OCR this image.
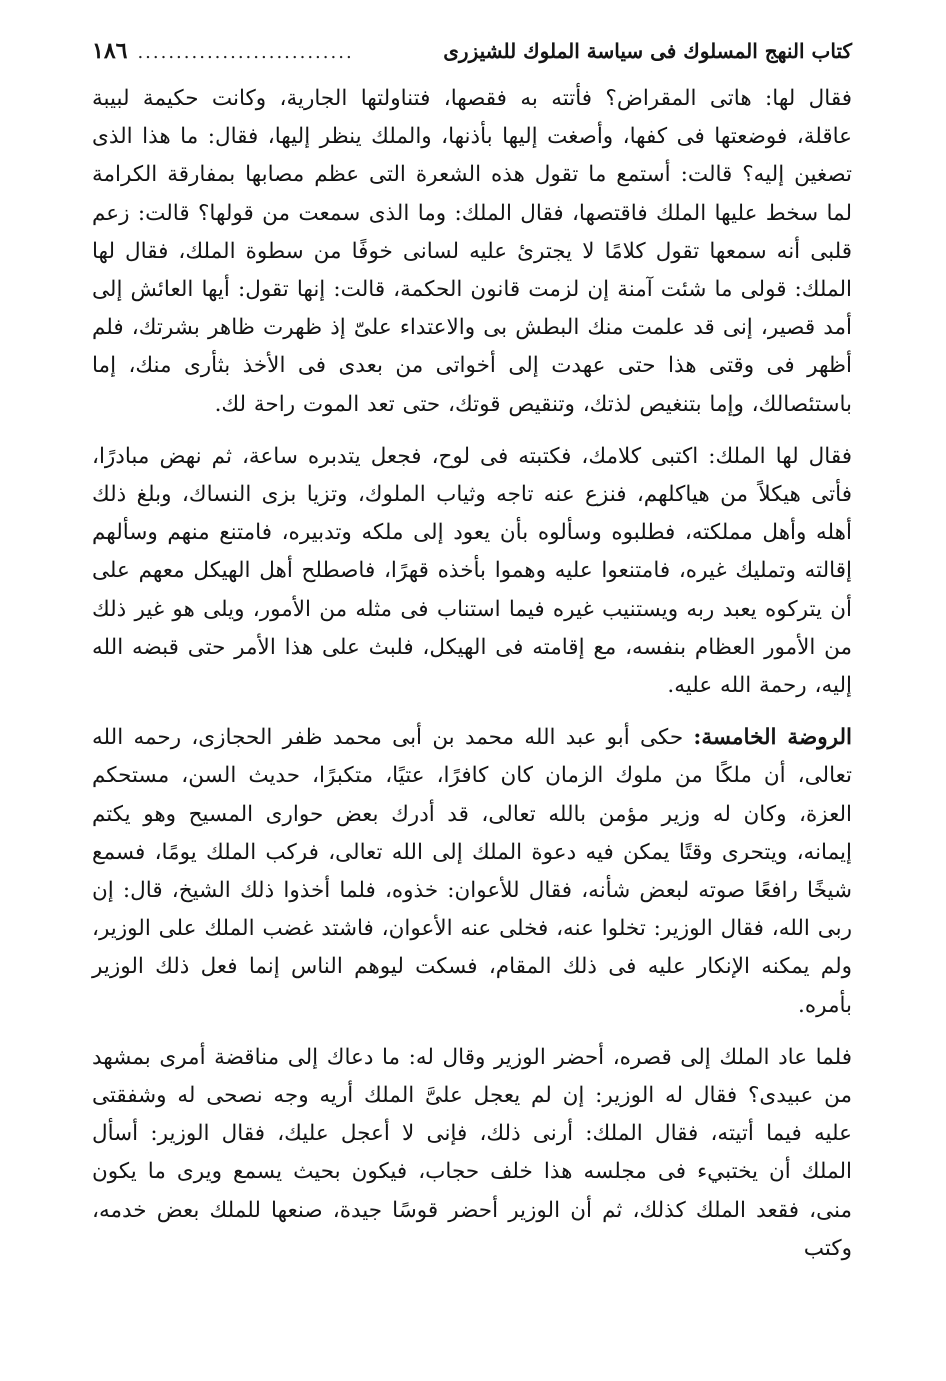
كتاب النهج المسلوك فى سياسة الملوك للشيزرى
............................
١٨٦

فقال لها: هاتى المقراض؟ فأتته به فقصها، فتناولتها الجارية، وكانت حكيمة لبيبة عاقلة، فوضعتها فى كفها، وأصغت إليها بأذنها، والملك ينظر إليها، فقال: ما هذا الذى تصغين إليه؟ قالت: أستمع ما تقول هذه الشعرة التى عظم مصابها بمفارقة الكرامة لما سخط عليها الملك فاقتصها، فقال الملك: وما الذى سمعت من قولها؟ قالت: زعم قلبى أنه سمعها تقول كلامًا لا يجترئ عليه لسانى خوفًا من سطوة الملك، فقال لها الملك: قولى ما شئت آمنة إن لزمت قانون الحكمة، قالت: إنها تقول: أيها العائش إلى أمد قصير، إنى قد علمت منك البطش بى والاعتداء علىّ إذ ظهرت ظاهر بشرتك، فلم أظهر فى وقتى هذا حتى عهدت إلى أخواتى من بعدى فى الأخذ بثأرى منك، إما باستئصالك، وإما بتنغيص لذتك، وتنقيص قوتك، حتى تعد الموت راحة لك.

فقال لها الملك: اكتبى كلامك، فكتبته فى لوح، فجعل يتدبره ساعة، ثم نهض مبادرًا، فأتى هيكلاً من هياكلهم، فنزع عنه تاجه وثياب الملوك، وتزيا بزى النساك، وبلغ ذلك أهله وأهل مملكته، فطلبوه وسألوه بأن يعود إلى ملكه وتدبيره، فامتنع منهم وسألهم إقالته وتمليك غيره، فامتنعوا عليه وهموا بأخذه قهرًا، فاصطلح أهل الهيكل معهم على أن يتركوه يعبد ربه ويستنيب غيره فيما استناب فى مثله من الأمور، ويلى هو غير ذلك من الأمور العظام بنفسه، مع إقامته فى الهيكل، فلبث على هذا الأمر حتى قبضه الله إليه، رحمة الله عليه.

الروضة الخامسة: حكى أبو عبد الله محمد بن أبى محمد ظفر الحجازى، رحمه الله تعالى، أن ملكًا من ملوك الزمان كان كافرًا، عتيًا، متكبرًا، حديث السن، مستحكم العزة، وكان له وزير مؤمن بالله تعالى، قد أدرك بعض حوارى المسيح وهو يكتم إيمانه، ويتحرى وقتًا يمكن فيه دعوة الملك إلى الله تعالى، فركب الملك يومًا، فسمع شيخًا رافعًا صوته لبعض شأنه، فقال للأعوان: خذوه، فلما أخذوا ذلك الشيخ، قال: إن ربى الله، فقال الوزير: تخلوا عنه، فخلى عنه الأعوان، فاشتد غضب الملك على الوزير، ولم يمكنه الإنكار عليه فى ذلك المقام، فسكت ليوهم الناس إنما فعل ذلك الوزير بأمره.

فلما عاد الملك إلى قصره، أحضر الوزير وقال له: ما دعاك إلى مناقضة أمرى بمشهد من عبيدى؟ فقال له الوزير: إن لم يعجل علىَّ الملك أريه وجه نصحى له وشفقتى عليه فيما أتيته، فقال الملك: أرنى ذلك، فإنى لا أعجل عليك، فقال الوزير: أسأل الملك أن يختبيء فى مجلسه هذا خلف حجاب، فيكون بحيث يسمع ويرى ما يكون منى، فقعد الملك كذلك، ثم أن الوزير أحضر قوسًا جيدة، صنعها للملك بعض خدمه، وكتب
